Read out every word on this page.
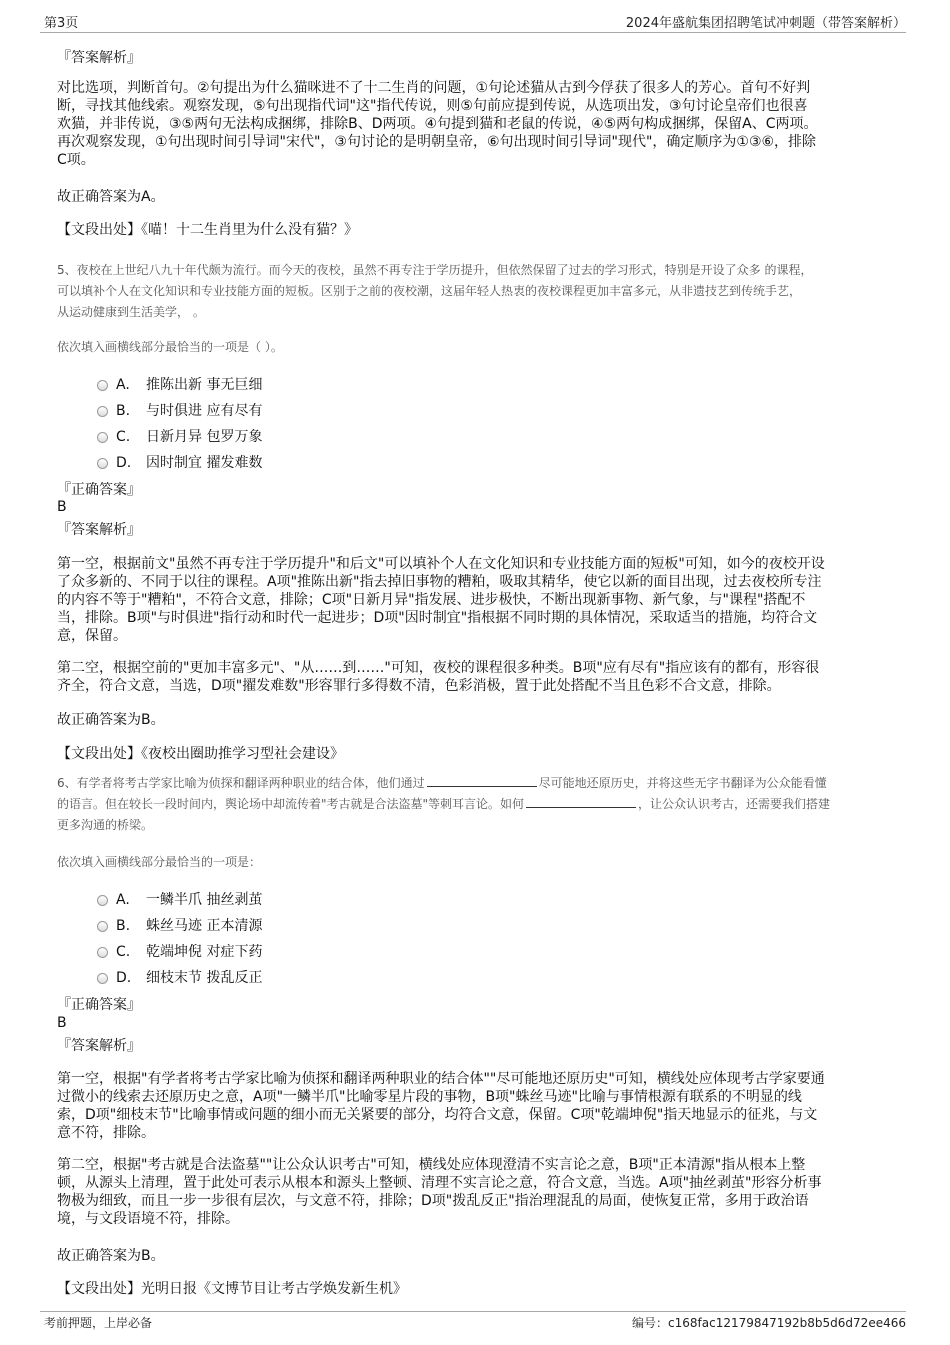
第3页	2024年盛航集团招聘笔试冲刺题（带答案解析）
『答案解析』
对比选项，判断首句。②句提出为什么猫咪进不了十二生肖的问题，①句论述猫从古到今俘获了很多人的芳心。首句不好判
断，寻找其他线索。观察发现，⑤句出现指代词"这"指代传说，则⑤句前应提到传说，从选项出发，③句讨论皇帝们也很喜
欢猫，并非传说，③⑤两句无法构成捆绑，排除B、D两项。④句提到猫和老鼠的传说，④⑤两句构成捆绑，保留A、C两项。
再次观察发现，①句出现时间引导词"宋代"，③句讨论的是明朝皇帝，⑥句出现时间引导词"现代"，确定顺序为①③⑥，排除
C项。
故正确答案为A。
【文段出处】《喵！十二生肖里为什么没有猫？》
5、夜校在上世纪八九十年代颇为流行。而今天的夜校，虽然不再专注于学历提升，但依然保留了过去的学习形式，特别是开设了众多 的课程，
可以填补个人在文化知识和专业技能方面的短板。区别于之前的夜校潮，这届年轻人热衷的夜校课程更加丰富多元，从非遗技艺到传统手艺，
从运动健康到生活美学， 。
依次填入画横线部分最恰当的一项是（ ）。
A. 推陈出新 事无巨细
B. 与时俱进 应有尽有
C. 日新月异 包罗万象
D. 因时制宜 擢发难数
『正确答案』
B
『答案解析』
第一空，根据前文"虽然不再专注于学历提升"和后文"可以填补个人在文化知识和专业技能方面的短板"可知，如今的夜校开设
了众多新的、不同于以往的课程。A项"推陈出新"指去掉旧事物的糟粕，吸取其精华，使它以新的面目出现，过去夜校所专注
的内容不等于"糟粕"，不符合文意，排除；C项"日新月异"指发展、进步极快，不断出现新事物、新气象，与"课程"搭配不
当，排除。B项"与时俱进"指行动和时代一起进步；D项"因时制宜"指根据不同时期的具体情况，采取适当的措施，均符合文
意，保留。
第二空，根据空前的"更加丰富多元"、"从……到……"可知，夜校的课程很多种类。B项"应有尽有"指应该有的都有，形容很
齐全，符合文意，当选，D项"擢发难数"形容罪行多得数不清，色彩消极，置于此处搭配不当且色彩不合文意，排除。
故正确答案为B。
【文段出处】《夜校出圈助推学习型社会建设》
6、有学者将考古学家比喻为侦探和翻译两种职业的结合体，他们通过	尽可能地还原历史，并将这些无字书翻译为公众能看懂
的语言。但在较长一段时间内，舆论场中却流传着"考古就是合法盗墓"等刺耳言论。如何	，让公众认识考古，还需要我们搭建
更多沟通的桥梁。
依次填入画横线部分最恰当的一项是：
A. 一鳞半爪 抽丝剥茧
B. 蛛丝马迹 正本清源
C. 乾端坤倪 对症下药
D. 细枝末节 拨乱反正
『正确答案』
B
『答案解析』
第一空，根据"有学者将考古学家比喻为侦探和翻译两种职业的结合体""尽可能地还原历史"可知，横线处应体现考古学家要通
过微小的线索去还原历史之意，A项"一鳞半爪"比喻零星片段的事物，B项"蛛丝马迹"比喻与事情根源有联系的不明显的线
索，D项"细枝末节"比喻事情或问题的细小而无关紧要的部分，均符合文意，保留。C项"乾端坤倪"指天地显示的征兆，与文
意不符，排除。
第二空，根据"考古就是合法盗墓""让公众认识考古"可知，横线处应体现澄清不实言论之意，B项"正本清源"指从根本上整
顿，从源头上清理，置于此处可表示从根本和源头上整顿、清理不实言论之意，符合文意，当选。A项"抽丝剥茧"形容分析事
物极为细致，而且一步一步很有层次，与文意不符，排除；D项"拨乱反正"指治理混乱的局面，使恢复正常，多用于政治语
境，与文段语境不符，排除。
故正确答案为B。
【文段出处】光明日报《文博节目让考古学焕发新生机》
考前押题，上岸必备	编号：c168fac12179847192b8b5d6d72ee466
